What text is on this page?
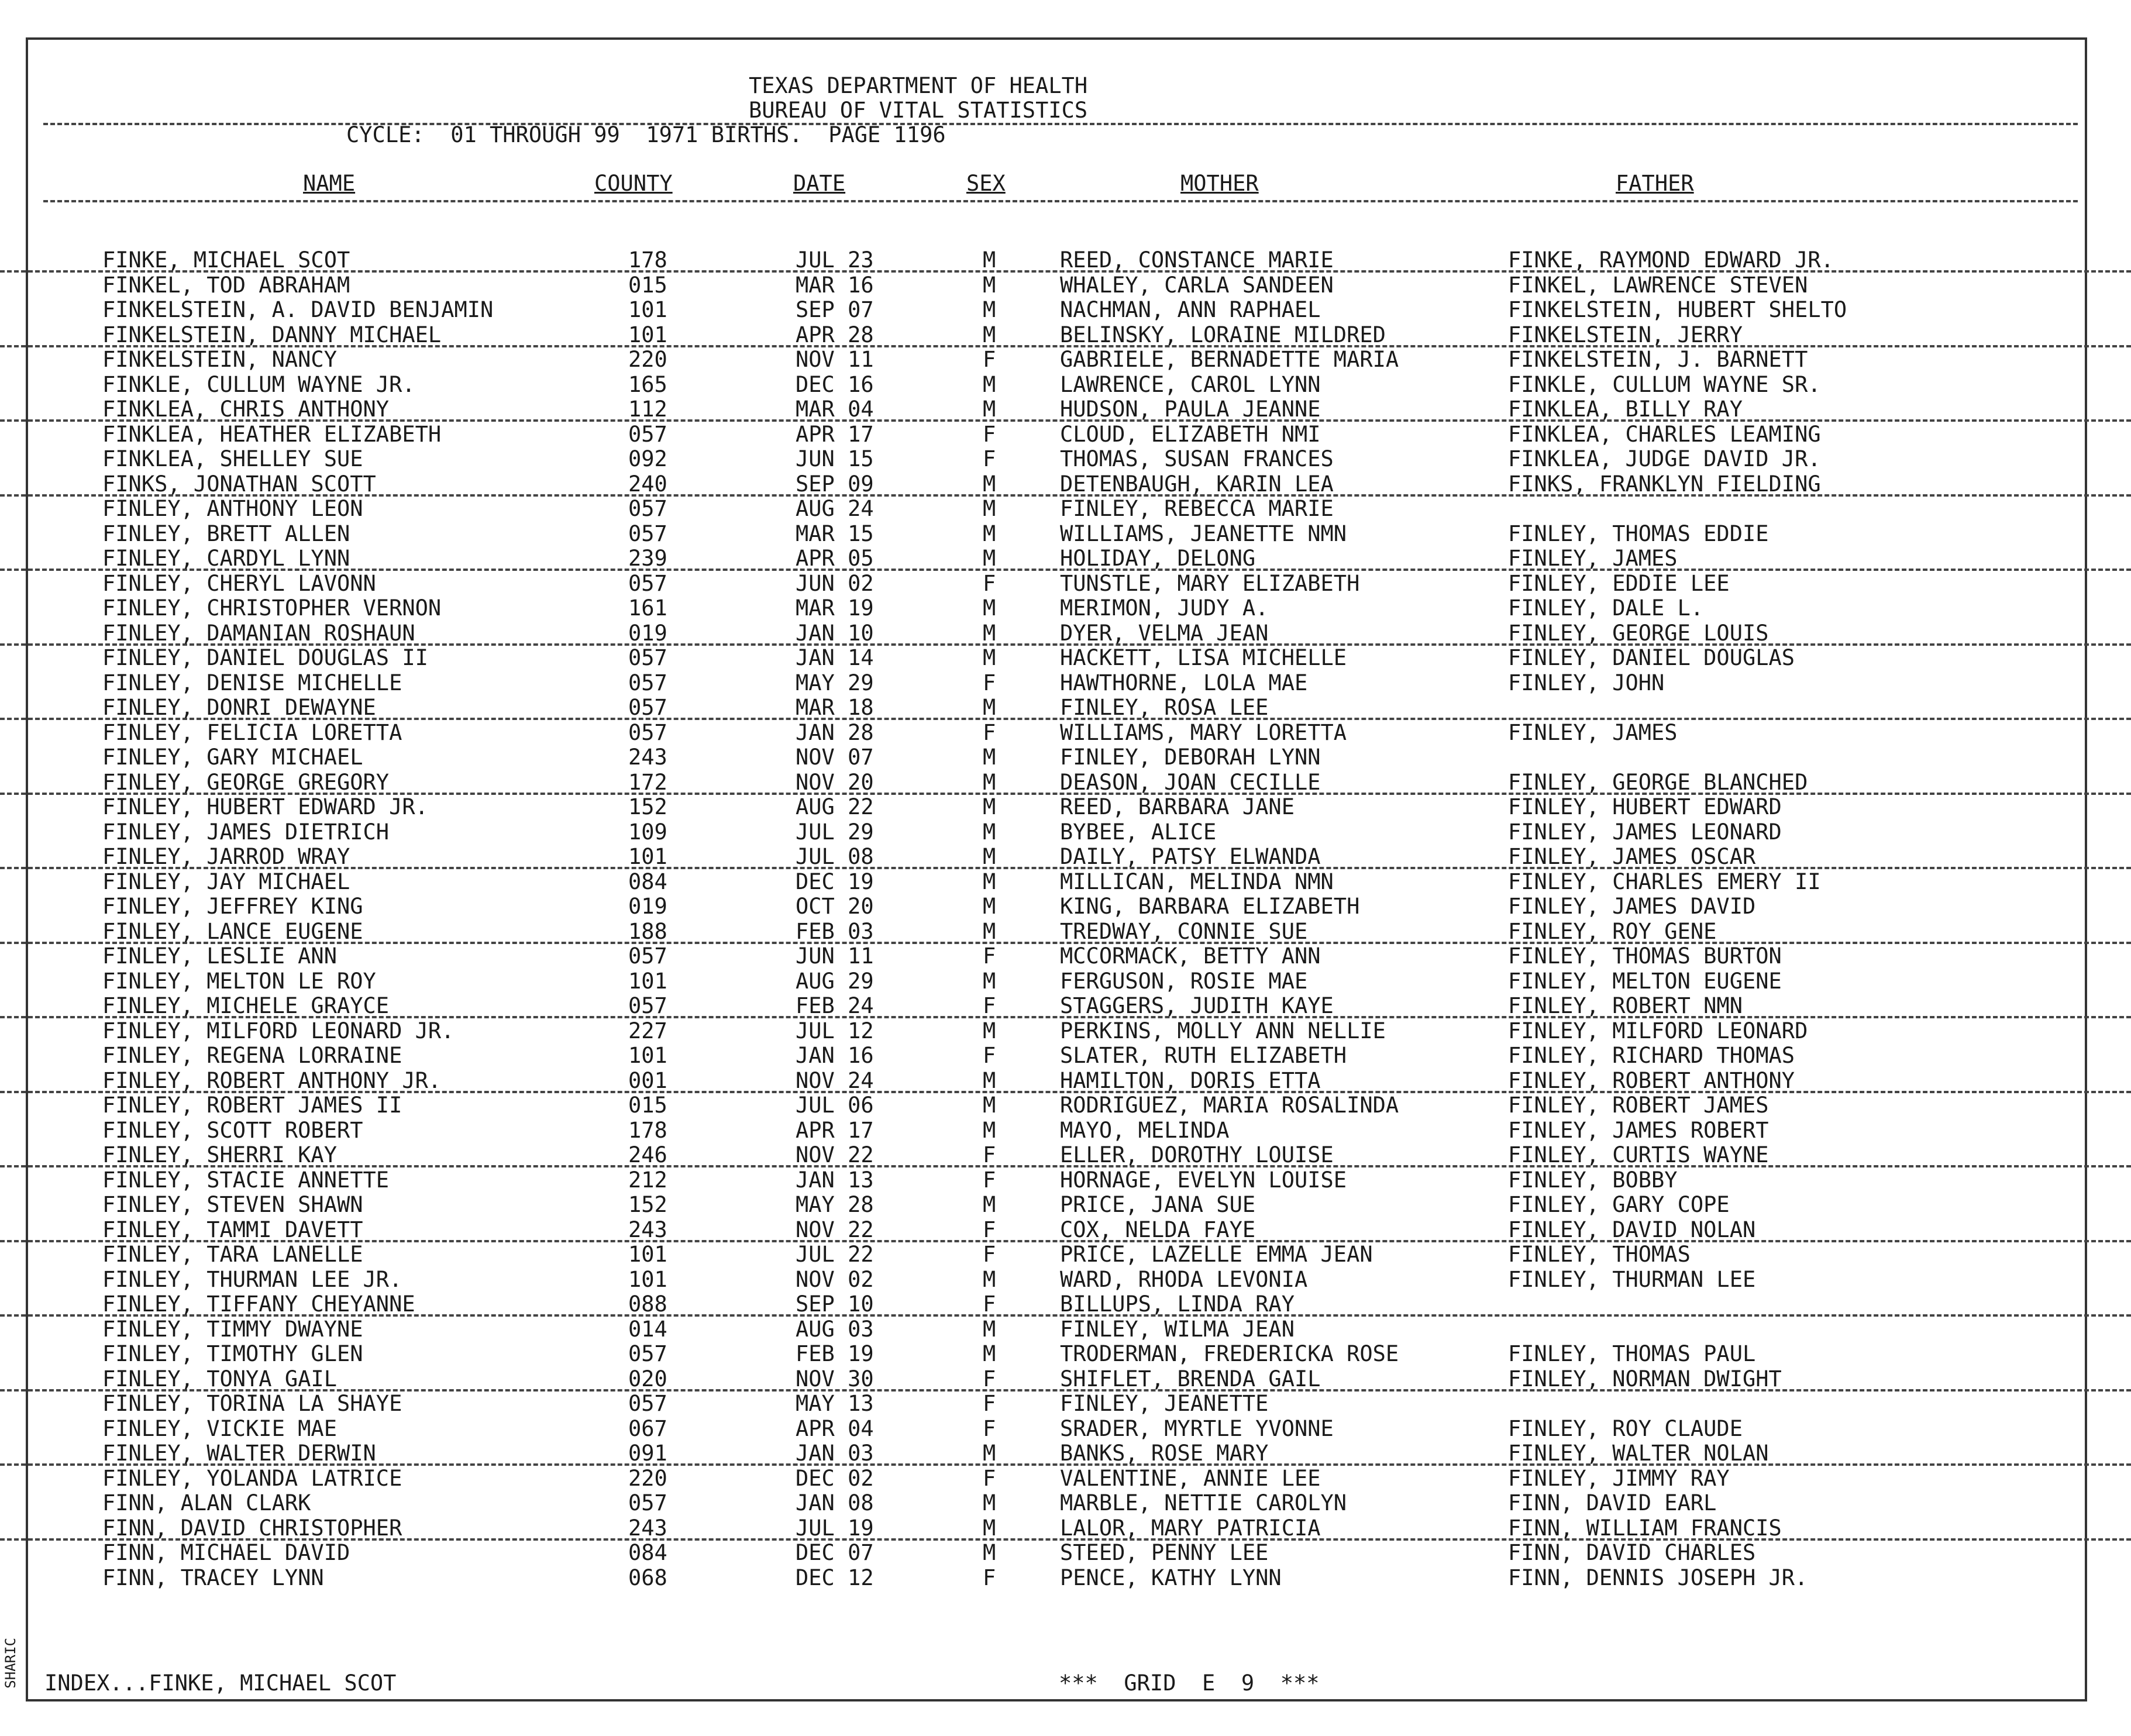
TEXAS DEPARTMENT OF HEALTH
BUREAU OF VITAL STATISTICS
CYCLE:  01 THROUGH 99  1971 BIRTHS.  PAGE 1196
NAME	COUNTY	DATE	SEX	MOTHER	FATHER
FINKE, MICHAEL SCOT	178	JUL 23	M	REED, CONSTANCE MARIE	FINKE, RAYMOND EDWARD JR.
FINKEL, TOD ABRAHAM	015	MAR 16	M	WHALEY, CARLA SANDEEN	FINKEL, LAWRENCE STEVEN
FINKELSTEIN, A. DAVID BENJAMIN	101	SEP 07	M	NACHMAN, ANN RAPHAEL	FINKELSTEIN, HUBERT SHELTO
FINKELSTEIN, DANNY MICHAEL	101	APR 28	M	BELINSKY, LORAINE MILDRED	FINKELSTEIN, JERRY
FINKELSTEIN, NANCY	220	NOV 11	F	GABRIELE, BERNADETTE MARIA	FINKELSTEIN, J. BARNETT
FINKLE, CULLUM WAYNE JR.	165	DEC 16	M	LAWRENCE, CAROL LYNN	FINKLE, CULLUM WAYNE SR.
FINKLEA, CHRIS ANTHONY	112	MAR 04	M	HUDSON, PAULA JEANNE	FINKLEA, BILLY RAY
FINKLEA, HEATHER ELIZABETH	057	APR 17	F	CLOUD, ELIZABETH NMI	FINKLEA, CHARLES LEAMING
FINKLEA, SHELLEY SUE	092	JUN 15	F	THOMAS, SUSAN FRANCES	FINKLEA, JUDGE DAVID JR.
FINKS, JONATHAN SCOTT	240	SEP 09	M	DETENBAUGH, KARIN LEA	FINKS, FRANKLYN FIELDING
FINLEY, ANTHONY LEON	057	AUG 24	M	FINLEY, REBECCA MARIE
FINLEY, BRETT ALLEN	057	MAR 15	M	WILLIAMS, JEANETTE NMN	FINLEY, THOMAS EDDIE
FINLEY, CARDYL LYNN	239	APR 05	M	HOLIDAY, DELONG	FINLEY, JAMES
FINLEY, CHERYL LAVONN	057	JUN 02	F	TUNSTLE, MARY ELIZABETH	FINLEY, EDDIE LEE
FINLEY, CHRISTOPHER VERNON	161	MAR 19	M	MERIMON, JUDY A.	FINLEY, DALE L.
FINLEY, DAMANIAN ROSHAUN	019	JAN 10	M	DYER, VELMA JEAN	FINLEY, GEORGE LOUIS
FINLEY, DANIEL DOUGLAS II	057	JAN 14	M	HACKETT, LISA MICHELLE	FINLEY, DANIEL DOUGLAS
FINLEY, DENISE MICHELLE	057	MAY 29	F	HAWTHORNE, LOLA MAE	FINLEY, JOHN
FINLEY, DONRI DEWAYNE	057	MAR 18	M	FINLEY, ROSA LEE
FINLEY, FELICIA LORETTA	057	JAN 28	F	WILLIAMS, MARY LORETTA	FINLEY, JAMES
FINLEY, GARY MICHAEL	243	NOV 07	M	FINLEY, DEBORAH LYNN
FINLEY, GEORGE GREGORY	172	NOV 20	M	DEASON, JOAN CECILLE	FINLEY, GEORGE BLANCHED
FINLEY, HUBERT EDWARD JR.	152	AUG 22	M	REED, BARBARA JANE	FINLEY, HUBERT EDWARD
FINLEY, JAMES DIETRICH	109	JUL 29	M	BYBEE, ALICE	FINLEY, JAMES LEONARD
FINLEY, JARROD WRAY	101	JUL 08	M	DAILY, PATSY ELWANDA	FINLEY, JAMES OSCAR
FINLEY, JAY MICHAEL	084	DEC 19	M	MILLICAN, MELINDA NMN	FINLEY, CHARLES EMERY II
FINLEY, JEFFREY KING	019	OCT 20	M	KING, BARBARA ELIZABETH	FINLEY, JAMES DAVID
FINLEY, LANCE EUGENE	188	FEB 03	M	TREDWAY, CONNIE SUE	FINLEY, ROY GENE
FINLEY, LESLIE ANN	057	JUN 11	F	MCCORMACK, BETTY ANN	FINLEY, THOMAS BURTON
FINLEY, MELTON LE ROY	101	AUG 29	M	FERGUSON, ROSIE MAE	FINLEY, MELTON EUGENE
FINLEY, MICHELE GRAYCE	057	FEB 24	F	STAGGERS, JUDITH KAYE	FINLEY, ROBERT NMN
FINLEY, MILFORD LEONARD JR.	227	JUL 12	M	PERKINS, MOLLY ANN NELLIE	FINLEY, MILFORD LEONARD
FINLEY, REGENA LORRAINE	101	JAN 16	F	SLATER, RUTH ELIZABETH	FINLEY, RICHARD THOMAS
FINLEY, ROBERT ANTHONY JR.	001	NOV 24	M	HAMILTON, DORIS ETTA	FINLEY, ROBERT ANTHONY
FINLEY, ROBERT JAMES II	015	JUL 06	M	RODRIGUEZ, MARIA ROSALINDA	FINLEY, ROBERT JAMES
FINLEY, SCOTT ROBERT	178	APR 17	M	MAYO, MELINDA	FINLEY, JAMES ROBERT
FINLEY, SHERRI KAY	246	NOV 22	F	ELLER, DOROTHY LOUISE	FINLEY, CURTIS WAYNE
FINLEY, STACIE ANNETTE	212	JAN 13	F	HORNAGE, EVELYN LOUISE	FINLEY, BOBBY
FINLEY, STEVEN SHAWN	152	MAY 28	M	PRICE, JANA SUE	FINLEY, GARY COPE
FINLEY, TAMMI DAVETT	243	NOV 22	F	COX, NELDA FAYE	FINLEY, DAVID NOLAN
FINLEY, TARA LANELLE	101	JUL 22	F	PRICE, LAZELLE EMMA JEAN	FINLEY, THOMAS
FINLEY, THURMAN LEE JR.	101	NOV 02	M	WARD, RHODA LEVONIA	FINLEY, THURMAN LEE
FINLEY, TIFFANY CHEYANNE	088	SEP 10	F	BILLUPS, LINDA RAY
FINLEY, TIMMY DWAYNE	014	AUG 03	M	FINLEY, WILMA JEAN
FINLEY, TIMOTHY GLEN	057	FEB 19	M	TRODERMAN, FREDERICKA ROSE	FINLEY, THOMAS PAUL
FINLEY, TONYA GAIL	020	NOV 30	F	SHIFLET, BRENDA GAIL	FINLEY, NORMAN DWIGHT
FINLEY, TORINA LA SHAYE	057	MAY 13	F	FINLEY, JEANETTE
FINLEY, VICKIE MAE	067	APR 04	F	SRADER, MYRTLE YVONNE	FINLEY, ROY CLAUDE
FINLEY, WALTER DERWIN	091	JAN 03	M	BANKS, ROSE MARY	FINLEY, WALTER NOLAN
FINLEY, YOLANDA LATRICE	220	DEC 02	F	VALENTINE, ANNIE LEE	FINLEY, JIMMY RAY
FINN, ALAN CLARK	057	JAN 08	M	MARBLE, NETTIE CAROLYN	FINN, DAVID EARL
FINN, DAVID CHRISTOPHER	243	JUL 19	M	LALOR, MARY PATRICIA	FINN, WILLIAM FRANCIS
FINN, MICHAEL DAVID	084	DEC 07	M	STEED, PENNY LEE	FINN, DAVID CHARLES
FINN, TRACEY LYNN	068	DEC 12	F	PENCE, KATHY LYNN	FINN, DENNIS JOSEPH JR.
INDEX...FINKE, MICHAEL SCOT	***  GRID  E  9  ***
SHARIC
